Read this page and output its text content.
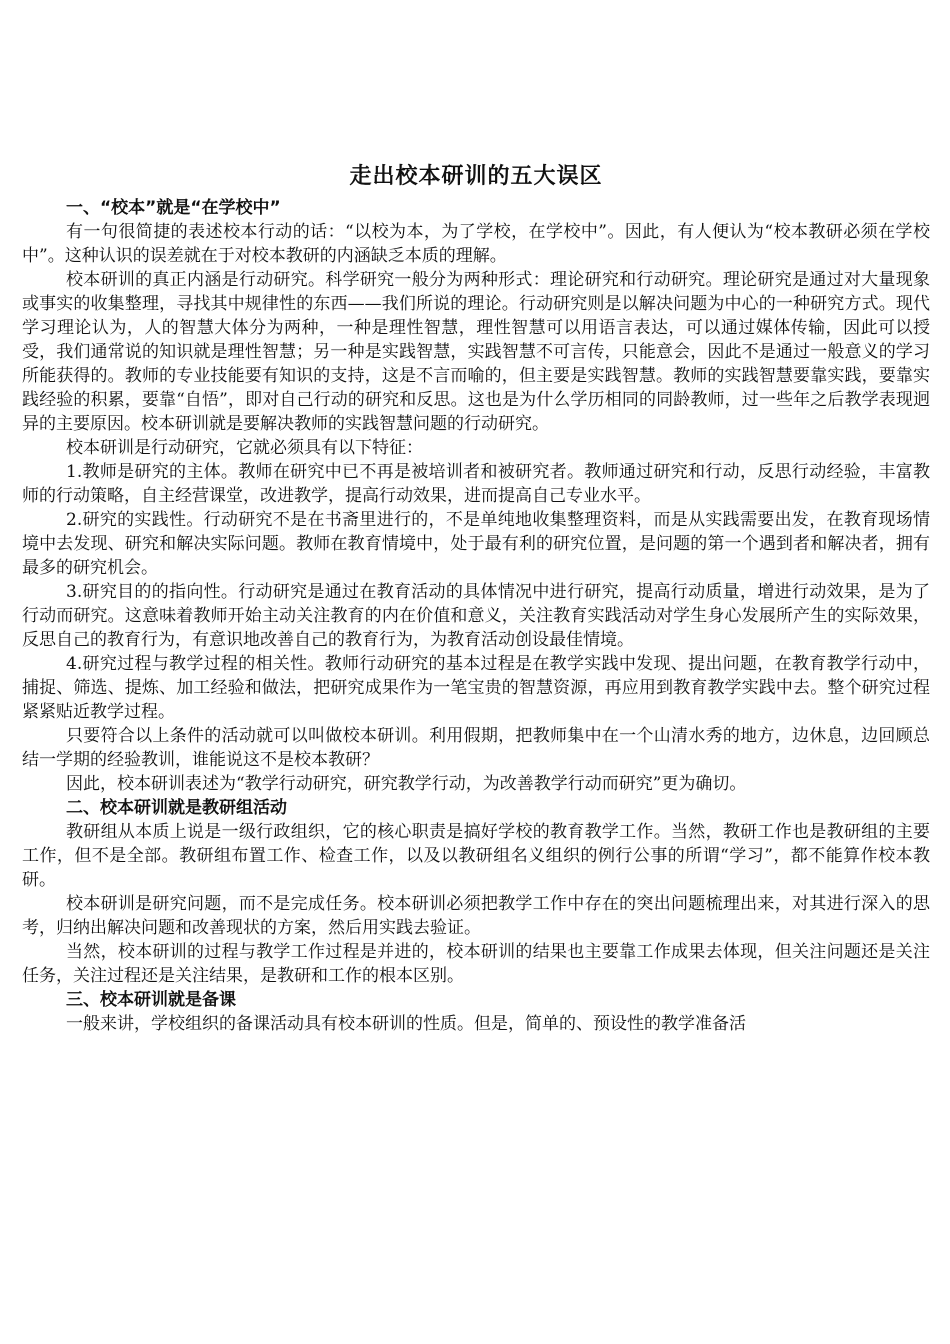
走出校本研训的五大误区

一、“校本”就是“在学校中”

有一句很简捷的表述校本行动的话：“以校为本，为了学校，在学校中”。因此，有人便认为“校本教研必须在学校中”。这种认识的误差就在于对校本教研的内涵缺乏本质的理解。

校本研训的真正内涵是行动研究。科学研究一般分为两种形式：理论研究和行动研究。理论研究是通过对大量现象或事实的收集整理，寻找其中规律性的东西——我们所说的理论。行动研究则是以解决问题为中心的一种研究方式。现代学习理论认为，人的智慧大体分为两种，一种是理性智慧，理性智慧可以用语言表达，可以通过媒体传输，因此可以授受，我们通常说的知识就是理性智慧；另一种是实践智慧，实践智慧不可言传，只能意会，因此不是通过一般意义的学习所能获得的。教师的专业技能要有知识的支持，这是不言而喻的，但主要是实践智慧。教师的实践智慧要靠实践，要靠实践经验的积累，要靠“自悟”，即对自己行动的研究和反思。这也是为什么学历相同的同龄教师，过一些年之后教学表现迥异的主要原因。校本研训就是要解决教师的实践智慧问题的行动研究。

校本研训是行动研究，它就必须具有以下特征：

1.教师是研究的主体。教师在研究中已不再是被培训者和被研究者。教师通过研究和行动，反思行动经验，丰富教师的行动策略，自主经营课堂，改进教学，提高行动效果，进而提高自己专业水平。

2.研究的实践性。行动研究不是在书斋里进行的，不是单纯地收集整理资料，而是从实践需要出发，在教育现场情境中去发现、研究和解决实际问题。教师在教育情境中，处于最有利的研究位置，是问题的第一个遇到者和解决者，拥有最多的研究机会。

3.研究目的的指向性。行动研究是通过在教育活动的具体情况中进行研究，提高行动质量，增进行动效果，是为了行动而研究。这意味着教师开始主动关注教育的内在价值和意义，关注教育实践活动对学生身心发展所产生的实际效果，反思自己的教育行为，有意识地改善自己的教育行为，为教育活动创设最佳情境。

4.研究过程与教学过程的相关性。教师行动研究的基本过程是在教学实践中发现、提出问题，在教育教学行动中，捕捉、筛选、提炼、加工经验和做法，把研究成果作为一笔宝贵的智慧资源，再应用到教育教学实践中去。整个研究过程紧紧贴近教学过程。

只要符合以上条件的活动就可以叫做校本研训。利用假期，把教师集中在一个山清水秀的地方，边休息，边回顾总结一学期的经验教训，谁能说这不是校本教研？

因此，校本研训表述为“教学行动研究，研究教学行动，为改善教学行动而研究”更为确切。

二、校本研训就是教研组活动

教研组从本质上说是一级行政组织，它的核心职责是搞好学校的教育教学工作。当然，教研工作也是教研组的主要工作，但不是全部。教研组布置工作、检查工作，以及以教研组名义组织的例行公事的所谓“学习”，都不能算作校本教研。

校本研训是研究问题，而不是完成任务。校本研训必须把教学工作中存在的突出问题梳理出来，对其进行深入的思考，归纳出解决问题和改善现状的方案，然后用实践去验证。

当然，校本研训的过程与教学工作过程是并进的，校本研训的结果也主要靠工作成果去体现，但关注问题还是关注任务，关注过程还是关注结果，是教研和工作的根本区别。

三、校本研训就是备课

一般来讲，学校组织的备课活动具有校本研训的性质。但是，简单的、预设性的教学准备活
